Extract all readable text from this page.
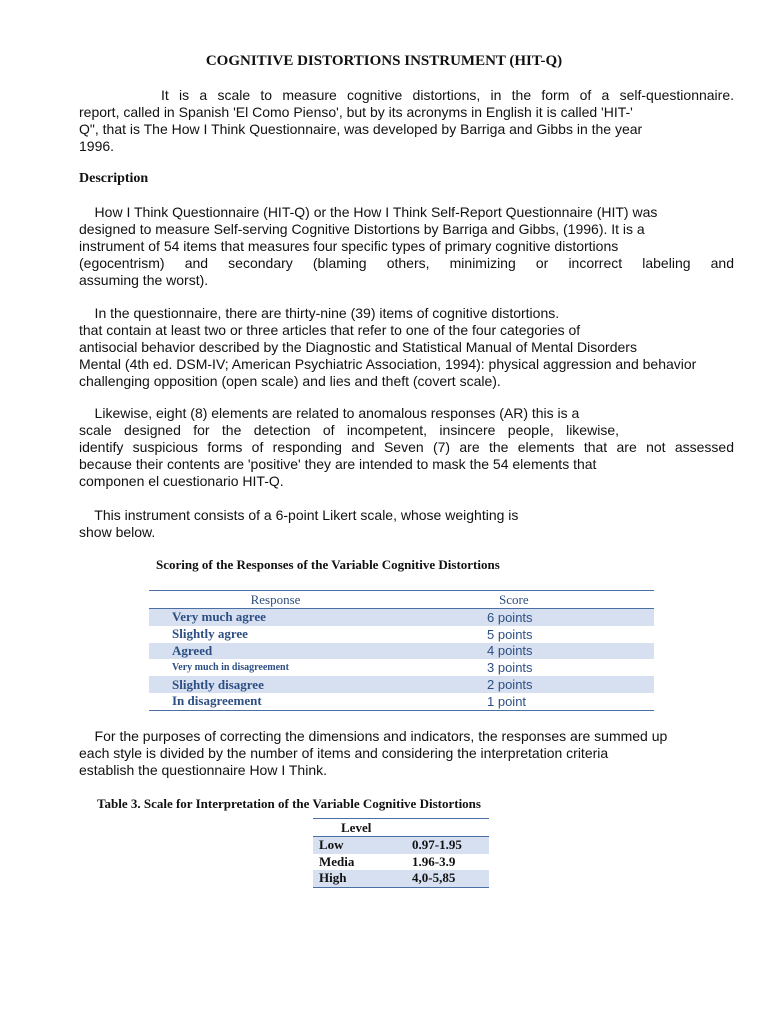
COGNITIVE DISTORTIONS INSTRUMENT (HIT-Q)
It is a scale to measure cognitive distortions, in the form of a self-questionnaire.
report, called in Spanish 'El Como Pienso', but by its acronyms in English it is called 'HIT-'
Q", that is The How I Think Questionnaire, was developed by Barriga and Gibbs in the year
1996.
Description
How I Think Questionnaire (HIT-Q) or the How I Think Self-Report Questionnaire (HIT) was
designed to measure Self-serving Cognitive Distortions by Barriga and Gibbs, (1996). It is a
instrument of 54 items that measures four specific types of primary cognitive distortions
(egocentrism) and secondary (blaming others, minimizing or incorrect labeling and
assuming the worst).
In the questionnaire, there are thirty-nine (39) items of cognitive distortions.
that contain at least two or three articles that refer to one of the four categories of
antisocial behavior described by the Diagnostic and Statistical Manual of Mental Disorders
Mental (4th ed. DSM-IV; American Psychiatric Association, 1994): physical aggression and behavior
challenging opposition (open scale) and lies and theft (covert scale).
Likewise, eight (8) elements are related to anomalous responses (AR) this is a
scale designed for the detection of incompetent, insincere people, likewise,
identify suspicious forms of responding and Seven (7) are the elements that are not assessed
because their contents are 'positive' they are intended to mask the 54 elements that
componen el cuestionario HIT-Q.
This instrument consists of a 6-point Likert scale, whose weighting is
show below.

Scoring of the Responses of the Variable Cognitive Distortions

Response	Score
Very much agree	6 points
Slightly agree	5 points
Agreed	4 points
Very much in disagreement	3 points
Slightly disagree	2 points
In disagreement	1 point
For the purposes of correcting the dimensions and indicators, the responses are summed up
each style is divided by the number of items and considering the interpretation criteria
establish the questionnaire How I Think.

Table 3. Scale for Interpretation of the Variable Cognitive Distortions

Level	
Low	0.97-1.95
Media	1.96-3.9
High	4,0-5,85
